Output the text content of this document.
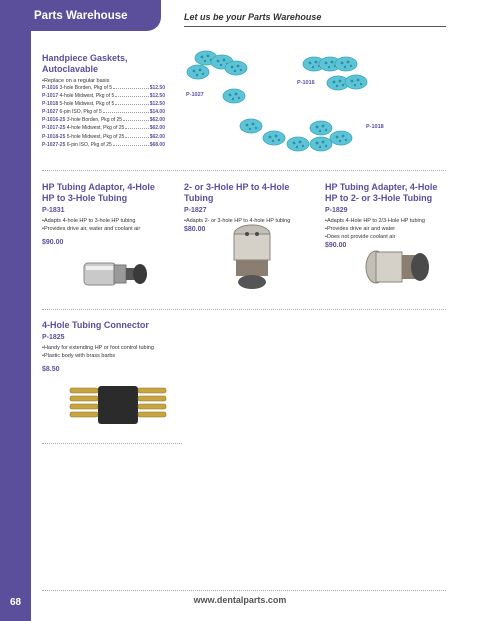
68
Parts Warehouse	Let us be your Parts Warehouse
Handpiece Gaskets, Autoclavable
• Replace on a regular basis
P-1016
3-hole Borden, Pkg of 5	$12.50
P-1017
4-hole Midwest, Pkg of 5	$12.50
P-1018
5-hole Midwest, Pkg of 5	$12.50
P-1027
6-pin ISO, Pkg of 5	$14.00
P-1016-25
3-hole Borden, Pkg of 25	$62.00
P-1017-25
4-hole Midwest, Pkg of 25	$62.00
P-1018-25
5-hole Midwest, Pkg of 25	$62.00
P-1027-25
6-pin ISO, Pkg of 25	$68.00
P-1027
P-1016
P-1018
HP Tubing Adaptor, 4-Hole HP to 3-Hole Tubing
P-1831
• Adapts 4-hole HP to 3-hole HP tubing
• Provides drive air, water and coolant air
$90.00
2- or 3-Hole HP to 4-Hole Tubing
P-1827
• Adapts 2- or 3-hole HP to 4-hole HP tubing
$80.00
HP Tubing Adapter, 4-Hole HP to 2- or 3-Hole Tubing
P-1829
• Adapts 4-Hole HP to 2/3-Hole HP tubing
• Provides drive air and water
• Does not provide coolant air
$90.00
4-Hole Tubing Connector
P-1825
• Handy for extending HP or foot control tubing
• Plastic body with brass barbs
$8.50
www.dentalparts.com
